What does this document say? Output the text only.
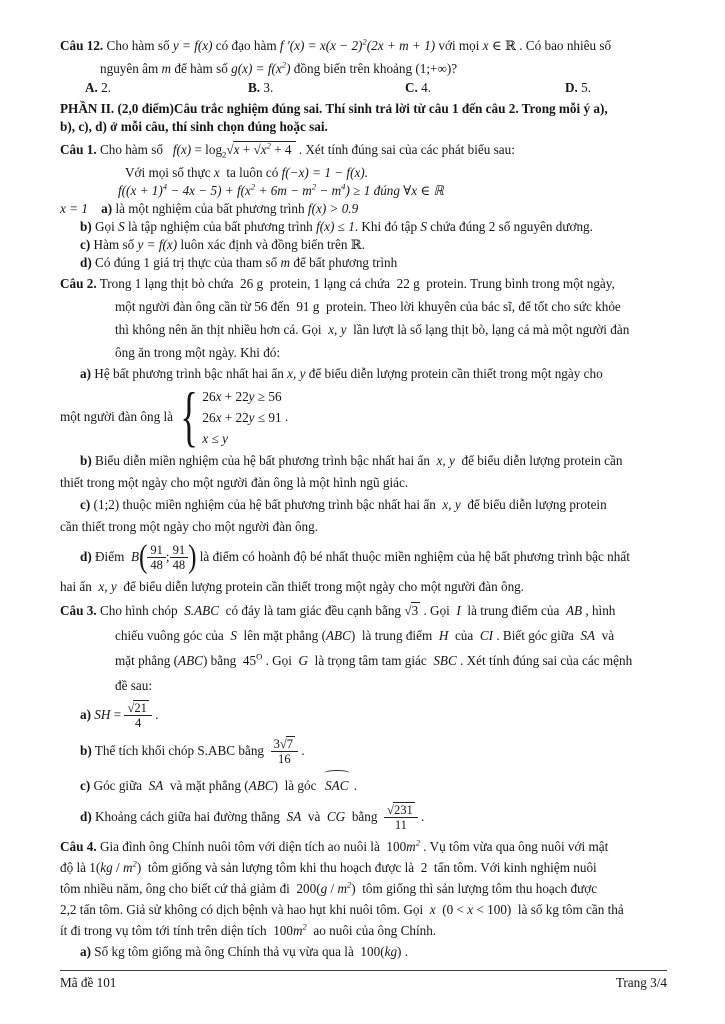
Câu 12. Cho hàm số y = f(x) có đạo hàm f $'(x) = x(x - 2)^2(2x + m + 1)$ với mọi x ∈ ℝ . Có bao nhiêu số
nguyên âm m để hàm số $g(x) = f(x^2)$ đồng biến trên khoảng (1;+∞)?
A. 2.	B. 3.	C. 4.	D. 5.
PHẦN II. (2,0 điểm)Câu trắc nghiệm đúng sai. Thí sinh trả lời từ câu 1 đến câu 2. Trong mỗi ý a),
b), c), d) ở mỗi câu, thí sinh chọn đúng hoặc sai.
Câu 1. Cho hàm số   $f(x) = \log_2√x + √x^2 + 4$ . Xét tính đúng sai của các phát biểu sau:
Với mọi số thực x  ta luôn có f(−x) = 1 − f(x).
$f((x + 1)^4 - 4x - 5) + f(x^2 + 6m - m^2 - m^4) \ge 1$ đúng ∀x ∈ ℝ
x = 1 a) là một nghiệm của bất phương trình f(x) > 0.9
b) Gọi S là tập nghiệm của bất phương trình f(x) ≤ 1. Khi đó tập S chứa đúng 2 số nguyên dương.
c) Hàm số y = f(x) luôn xác định và đồng biến trên ℝ.
d) Có đúng 1 giá trị thực của tham số m để bất phương trình
Câu 2. Trong 1 lạng thịt bò chứa  26 g  protein, 1 lạng cá chứa  22 g  protein. Trung bình trong một ngày,
một người đàn ông cần từ 56 đến  91 g  protein. Theo lời khuyên của bác sĩ, để tốt cho sức khỏe
thì không nên ăn thịt nhiều hơn cá. Gọi  x, y  lần lượt là số lạng thịt bò, lạng cá mà một người đàn
ông ăn trong một ngày. Khi đó:
a) Hệ bất phương trình bậc nhất hai ẩn x, y để biểu diễn lượng protein cần thiết trong một ngày cho
một người đàn ông là { 26x + 22y ≥ 56
26x + 22y ≤ 91
x ≤ y
.
b) Biểu diễn miền nghiệm của hệ bất phương trình bậc nhất hai ẩn  x, y  để biểu diễn lượng protein cần
thiết trong một ngày cho một người đàn ông là một hình ngũ giác.
c) (1;2) thuộc miền nghiệm của hệ bất phương trình bậc nhất hai ẩn  x, y  để biểu diễn lượng protein
cần thiết trong một ngày cho một người đàn ông.
d) Điểm  $B( \frac{91}{48}$ ; $\frac{91}{48}$ ) là điểm có hoành độ bé nhất thuộc miền nghiệm của hệ bất phương trình bậc nhất
hai ẩn  x, y  để biểu diễn lượng protein cần thiết trong một ngày cho một người đàn ông.
Câu 3. Cho hình chóp  S.ABC  có đáy là tam giác đều cạnh bằng √3 . Gọi  I  là trung điểm của  AB , hình
chiếu vuông góc của  S  lên mặt phẳng (ABC)  là trung điểm  H  của  CI . Biết góc giữa  SA  và
mặt phẳng (ABC) bằng  $45^O$ . Gọi  G  là trọng tâm tam giác  SBC . Xét tính đúng sai của các mệnh
đề sau:
a) SH = $\frac{√21}{4}$ .
b) Thể tích khối chóp S.ABC bằng $\frac{3√7}{16}$ .
c) Góc giữa  SA  và mặt phẳng (ABC)  là góc  SAC .
d) Khoảng cách giữa hai đường thẳng  SA  và  CG  bằng $\frac{√231}{11}$ .
Câu 4. Gia đình ông Chính nuôi tôm với diện tích ao nuôi là  $100m^2$ . Vụ tôm vừa qua ông nuôi với mật
độ là $1(kg / m^2)$  tôm giống và sản lượng tôm khi thu hoạch được là  2  tấn tôm. Với kinh nghiệm nuôi
tôm nhiều năm, ông cho biết cứ thả giảm đi  $200(g / m^2)$  tôm giống thì sản lượng tôm thu hoạch được
2,2 tấn tôm. Giả sử không có dịch bệnh và hao hụt khi nuôi tôm. Gọi  x  (0 < x < 100)  là số kg tôm cần thả
ít đi trong vụ tôm tới tính trên diện tích  $100m^2$  ao nuôi của ông Chính.
a) Số kg tôm giống mà ông Chính thả vụ vừa qua là  100(kg) .
Mã đề 101	Trang 3/4
